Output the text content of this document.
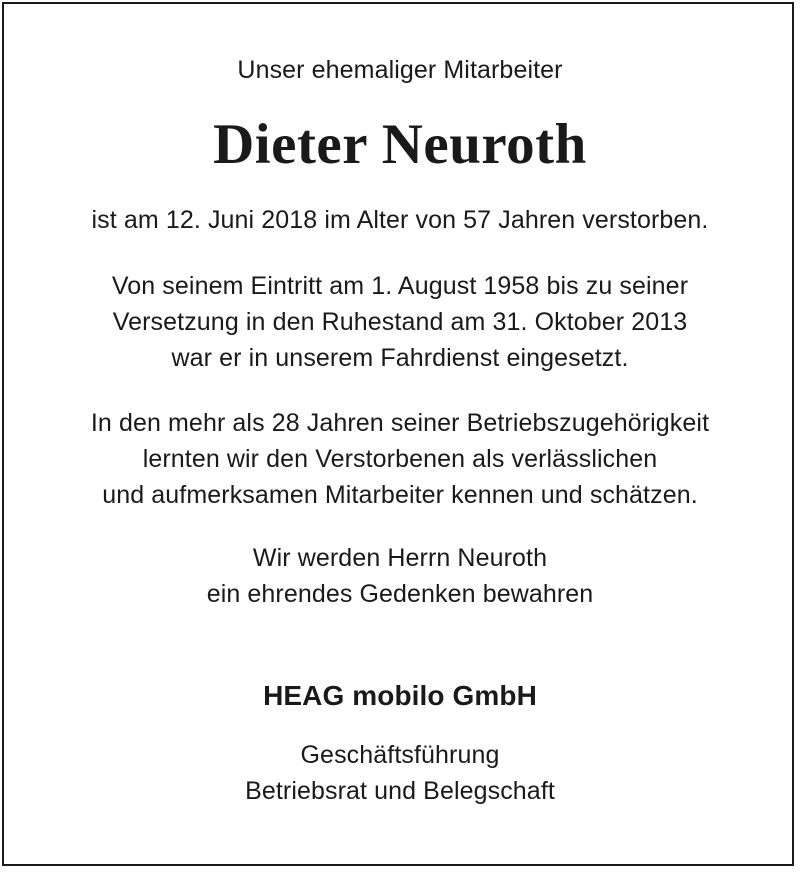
Unser ehemaliger Mitarbeiter
Dieter Neuroth
ist am 12. Juni 2018 im Alter von 57 Jahren verstorben.
Von seinem Eintritt am 1. August 1958 bis zu seiner
Versetzung in den Ruhestand am 31. Oktober 2013
war er in unserem Fahrdienst eingesetzt.
In den mehr als 28 Jahren seiner Betriebszugehörigkeit
lernten wir den Verstorbenen als verlässlichen
und aufmerksamen Mitarbeiter kennen und schätzen.
Wir werden Herrn Neuroth
ein ehrendes Gedenken bewahren
HEAG mobilo GmbH
Geschäftsführung
Betriebsrat und Belegschaft
